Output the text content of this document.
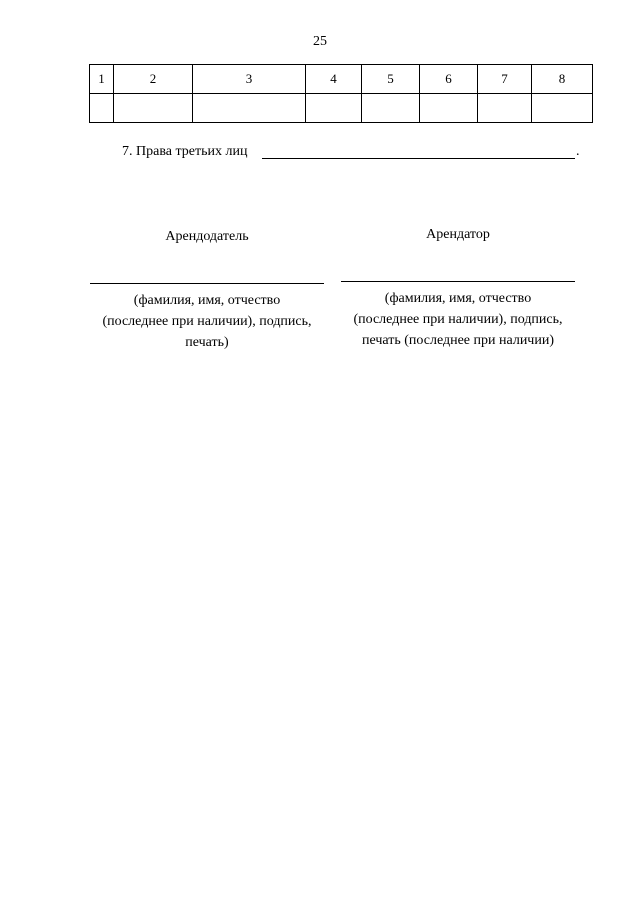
25
1	2	3	4	5	6	7	8

7. Права третьих лиц	.
Арендодатель
(фамилия, имя, отчество
(последнее при наличии), подпись,
печать)
Арендатор
(фамилия, имя, отчество
(последнее при наличии), подпись,
печать (последнее при наличии)
